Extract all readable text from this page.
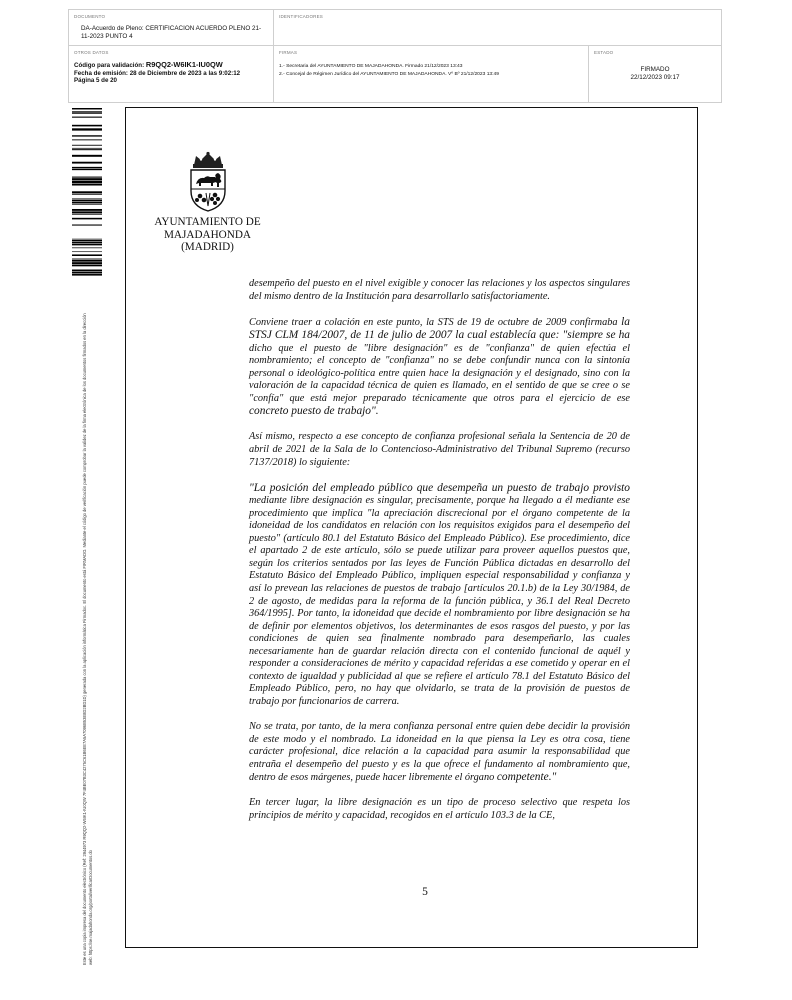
DOCUMENTO
DA-Acuerdo de Pleno: CERTIFICACION ACUERDO PLENO 21-11-2023 PUNTO 4
IDENTIFICADORES
OTROS DATOS
Código para validación: R9QQ2-W6IK1-IU0QW
Fecha de emisión: 28 de Diciembre de 2023 a las 9:02:12
Página 5 de 20
FIRMAS
1.- Secretaria del AYUNTAMIENTO DE MAJADAHONDA. Firmado 21/12/2023 13:43
2.- Concejal de Régimen Jurídico del AYUNTAMIENTO DE MAJADAHONDA. Vº Bº 21/12/2023 13:49
ESTADO
FIRMADO
22/12/2023 09:17
Este es una copia impresa del documento electrónico (Ref: 2944973 R9QQ2-W6IK1-IU0QW 7F4BE07B3C4275C61B6EE7A5A7096B53E8D2BD1D) generada con la aplicación informática Firmadoc. El documento está FIRMADO. Mediante el código de verificación puede comprobar la validez de la firma electrónica de los documentos firmados en la dirección web: https://se.majadahonda.org/portal/verificarDocumentos.do
AYUNTAMIENTO DE
MAJADAHONDA
(MADRID)

desempeño del puesto en el nivel exigible y conocer las relaciones y los aspectos singulares del mismo dentro de la Institución para desarrollarlo satisfactoriamente.

Conviene traer a colación en este punto, la STS de 19 de octubre de 2009 confirmaba la STSJ CLM 184/2007, de 11 de julio de 2007 la cual establecía que: "siempre se ha dicho que el puesto de "libre designación" es de "confianza" de quien efectúa el nombramiento; el concepto de "confianza" no se debe confundir nunca con la sintonía personal o ideológico-política entre quien hace la designación y el designado, sino con la valoración de la capacidad técnica de quien es llamado, en el sentido de que se cree o se "confía" que está mejor preparado técnicamente que otros para el ejercicio de ese concreto puesto de trabajo".

Así mismo, respecto a ese concepto de confianza profesional señala la Sentencia de 20 de abril de 2021 de la Sala de lo Contencioso-Administrativo del Tribunal Supremo (recurso 7137/2018) lo siguiente:

"La posición del empleado público que desempeña un puesto de trabajo provisto mediante libre designación es singular, precisamente, porque ha llegado a él mediante ese procedimiento que implica "la apreciación discrecional por el órgano competente de la idoneidad de los candidatos en relación con los requisitos exigidos para el desempeño del puesto" (artículo 80.1 del Estatuto Básico del Empleado Público). Ese procedimiento, dice el apartado 2 de este artículo, sólo se puede utilizar para proveer aquellos puestos que, según los criterios sentados por las leyes de Función Pública dictadas en desarrollo del Estatuto Básico del Empleado Público, impliquen especial responsabilidad y confianza y así lo prevean las relaciones de puestos de trabajo [artículos 20.1.b) de la Ley 30/1984, de 2 de agosto, de medidas para la reforma de la función pública, y 36.1 del Real Decreto 364/1995]. Por tanto, la idoneidad que decide el nombramiento por libre designación se ha de definir por elementos objetivos, los determinantes de esos rasgos del puesto, y por las condiciones de quien sea finalmente nombrado para desempeñarlo, las cuales necesariamente han de guardar relación directa con el contenido funcional de aquél y responder a consideraciones de mérito y capacidad referidas a ese cometido y operar en el contexto de igualdad y publicidad al que se refiere el artículo 78.1 del Estatuto Básico del Empleado Público, pero, no hay que olvidarlo, se trata de la provisión de puestos de trabajo por funcionarios de carrera.

No se trata, por tanto, de la mera confianza personal entre quien debe decidir la provisión de este modo y el nombrado. La idoneidad en la que piensa la Ley es otra cosa, tiene carácter profesional, dice relación a la capacidad para asumir la responsabilidad que entraña el desempeño del puesto y es la que ofrece el fundamento al nombramiento que, dentro de esos márgenes, puede hacer libremente el órgano competente."

En tercer lugar, la libre designación es un tipo de proceso selectivo que respeta los principios de mérito y capacidad, recogidos en el artículo 103.3 de la CE,

5
